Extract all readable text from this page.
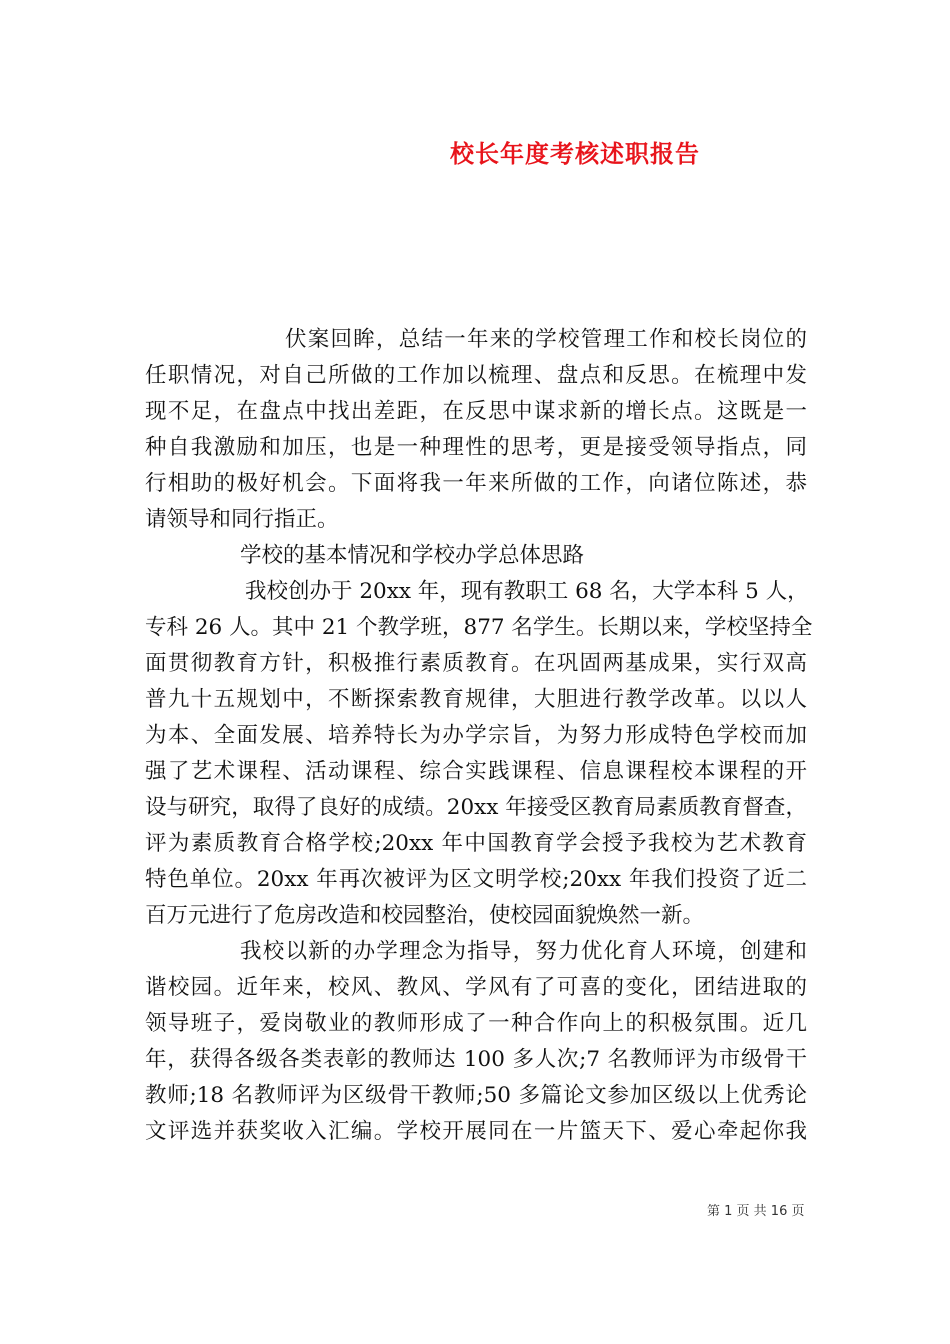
校长年度考核述职报告
伏案回眸，总结一年来的学校管理工作和校长岗位的
任职情况，对自己所做的工作加以梳理、盘点和反思。在梳理中发
现不足，在盘点中找出差距，在反思中谋求新的增长点。这既是一
种自我激励和加压，也是一种理性的思考，更是接受领导指点，同
行相助的极好机会。下面将我一年来所做的工作，向诸位陈述，恭
请领导和同行指正。
学校的基本情况和学校办学总体思路
我校创办于 20xx 年，现有教职工 68 名，大学本科 5 人，
专科 26 人。其中 21 个教学班，877 名学生。长期以来，学校坚持全
面贯彻教育方针，积极推行素质教育。在巩固两基成果，实行双高
普九十五规划中，不断探索教育规律，大胆进行教学改革。以以人
为本、全面发展、培养特长为办学宗旨，为努力形成特色学校而加
强了艺术课程、活动课程、综合实践课程、信息课程校本课程的开
设与研究，取得了良好的成绩。20xx 年接受区教育局素质教育督查，
评为素质教育合格学校;20xx 年中国教育学会授予我校为艺术教育
特色单位。20xx 年再次被评为区文明学校;20xx 年我们投资了近二
百万元进行了危房改造和校园整治，使校园面貌焕然一新。
我校以新的办学理念为指导，努力优化育人环境，创建和
谐校园。近年来，校风、教风、学风有了可喜的变化，团结进取的
领导班子，爱岗敬业的教师形成了一种合作向上的积极氛围。近几
年，获得各级各类表彰的教师达 100 多人次;7 名教师评为市级骨干
教师;18 名教师评为区级骨干教师;50 多篇论文参加区级以上优秀论
文评选并获奖收入汇编。学校开展同在一片篮天下、爱心牵起你我
第 1 页 共 16 页
